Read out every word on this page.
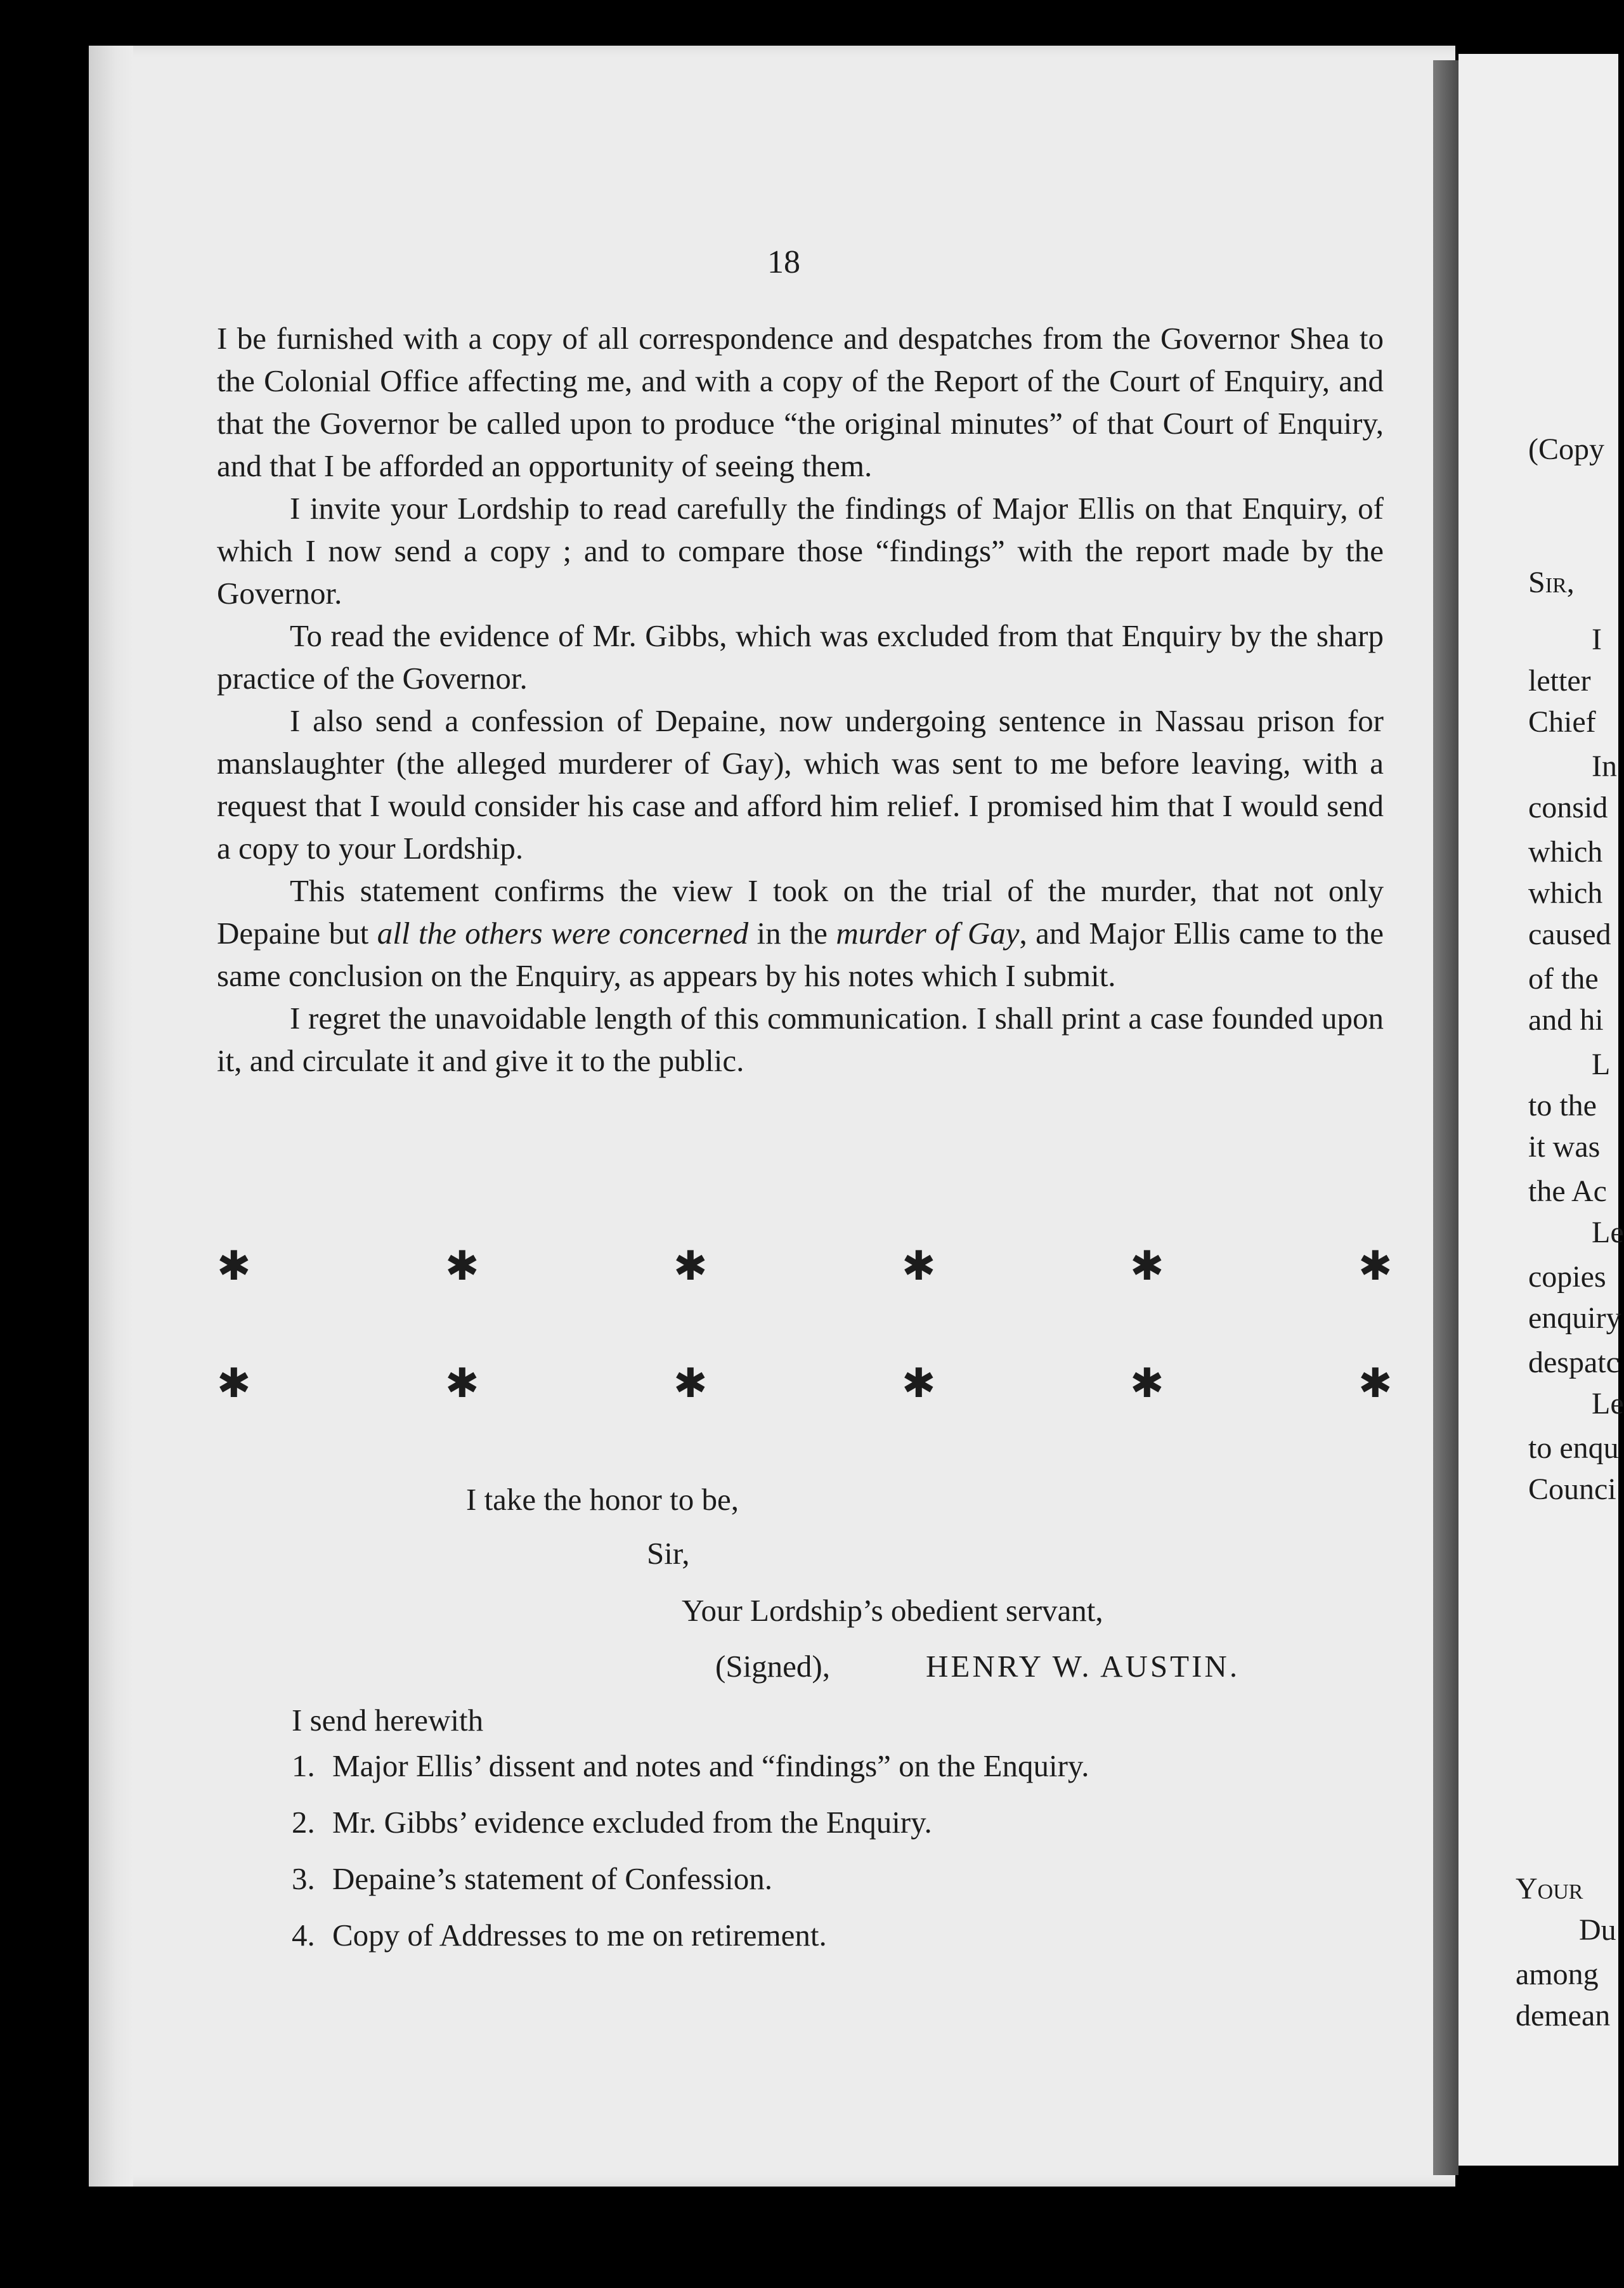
(Copy
Sir,
I
letter
Chief
In
consid
which
which
caused
of the
and hi
L
to the
it was
the Ac
Le
copies
enquiry
despatc
Le
to enqu
Counci
Your
Du
among
demean
18

I be furnished with a copy of all correspondence and despatches from the Governor Shea to the Colonial Office affecting me, and with a copy of the Report of the Court of Enquiry, and that the Governor be called upon to produce “the original minutes” of that Court of Enquiry, and that I be afforded an opportunity of seeing them.

I invite your Lordship to read carefully the findings of Major Ellis on that Enquiry, of which I now send a copy ; and to compare those “findings” with the report made by the Governor.

To read the evidence of Mr. Gibbs, which was excluded from that Enquiry by the sharp practice of the Governor.

I also send a confession of Depaine, now undergoing sentence in Nassau prison for manslaughter (the alleged murderer of Gay), which was sent to me before leaving, with a request that I would consider his case and afford him relief. I promised him that I would send a copy to your Lordship.

This statement confirms the view I took on the trial of the murder, that not only Depaine but all the others were concerned in the murder of Gay, and Major Ellis came to the same conclusion on the Enquiry, as appears by his notes which I submit.

I regret the unavoidable length of this communication. I shall print a case founded upon it, and circulate it and give it to the public.

✱	✱	✱	✱	✱	✱
✱	✱	✱	✱	✱	✱
I take the honor to be,
Sir,
Your Lordship’s obedient servant,
(Signed),	HENRY W. AUSTIN.
I send herewith
1. Major Ellis’ dissent and notes and “findings” on the Enquiry.
2. Mr. Gibbs’ evidence excluded from the Enquiry.
3. Depaine’s statement of Confession.
4. Copy of Addresses to me on retirement.
